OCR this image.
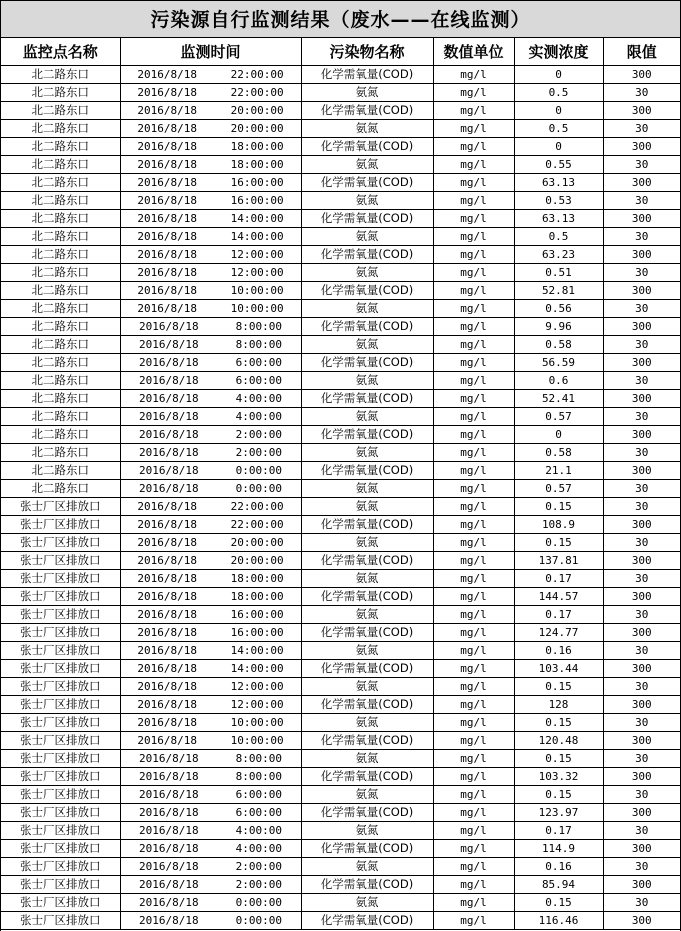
污染源自行监测结果（废水——在线监测）
监控点名称	监测时间	污染物名称	数值单位	实测浓度	限值
北二路东口	2016/8/18 22:00:00	化学需氧量(COD)	mg/l	0	300
北二路东口	2016/8/18 22:00:00	氨氮	mg/l	0.5	30
北二路东口	2016/8/18 20:00:00	化学需氧量(COD)	mg/l	0	300
北二路东口	2016/8/18 20:00:00	氨氮	mg/l	0.5	30
北二路东口	2016/8/18 18:00:00	化学需氧量(COD)	mg/l	0	300
北二路东口	2016/8/18 18:00:00	氨氮	mg/l	0.55	30
北二路东口	2016/8/18 16:00:00	化学需氧量(COD)	mg/l	63.13	300
北二路东口	2016/8/18 16:00:00	氨氮	mg/l	0.53	30
北二路东口	2016/8/18 14:00:00	化学需氧量(COD)	mg/l	63.13	300
北二路东口	2016/8/18 14:00:00	氨氮	mg/l	0.5	30
北二路东口	2016/8/18 12:00:00	化学需氧量(COD)	mg/l	63.23	300
北二路东口	2016/8/18 12:00:00	氨氮	mg/l	0.51	30
北二路东口	2016/8/18 10:00:00	化学需氧量(COD)	mg/l	52.81	300
北二路东口	2016/8/18 10:00:00	氨氮	mg/l	0.56	30
北二路东口	2016/8/18 8:00:00	化学需氧量(COD)	mg/l	9.96	300
北二路东口	2016/8/18 8:00:00	氨氮	mg/l	0.58	30
北二路东口	2016/8/18 6:00:00	化学需氧量(COD)	mg/l	56.59	300
北二路东口	2016/8/18 6:00:00	氨氮	mg/l	0.6	30
北二路东口	2016/8/18 4:00:00	化学需氧量(COD)	mg/l	52.41	300
北二路东口	2016/8/18 4:00:00	氨氮	mg/l	0.57	30
北二路东口	2016/8/18 2:00:00	化学需氧量(COD)	mg/l	0	300
北二路东口	2016/8/18 2:00:00	氨氮	mg/l	0.58	30
北二路东口	2016/8/18 0:00:00	化学需氧量(COD)	mg/l	21.1	300
北二路东口	2016/8/18 0:00:00	氨氮	mg/l	0.57	30
张士厂区排放口	2016/8/18 22:00:00	氨氮	mg/l	0.15	30
张士厂区排放口	2016/8/18 22:00:00	化学需氧量(COD)	mg/l	108.9	300
张士厂区排放口	2016/8/18 20:00:00	氨氮	mg/l	0.15	30
张士厂区排放口	2016/8/18 20:00:00	化学需氧量(COD)	mg/l	137.81	300
张士厂区排放口	2016/8/18 18:00:00	氨氮	mg/l	0.17	30
张士厂区排放口	2016/8/18 18:00:00	化学需氧量(COD)	mg/l	144.57	300
张士厂区排放口	2016/8/18 16:00:00	氨氮	mg/l	0.17	30
张士厂区排放口	2016/8/18 16:00:00	化学需氧量(COD)	mg/l	124.77	300
张士厂区排放口	2016/8/18 14:00:00	氨氮	mg/l	0.16	30
张士厂区排放口	2016/8/18 14:00:00	化学需氧量(COD)	mg/l	103.44	300
张士厂区排放口	2016/8/18 12:00:00	氨氮	mg/l	0.15	30
张士厂区排放口	2016/8/18 12:00:00	化学需氧量(COD)	mg/l	128	300
张士厂区排放口	2016/8/18 10:00:00	氨氮	mg/l	0.15	30
张士厂区排放口	2016/8/18 10:00:00	化学需氧量(COD)	mg/l	120.48	300
张士厂区排放口	2016/8/18 8:00:00	氨氮	mg/l	0.15	30
张士厂区排放口	2016/8/18 8:00:00	化学需氧量(COD)	mg/l	103.32	300
张士厂区排放口	2016/8/18 6:00:00	氨氮	mg/l	0.15	30
张士厂区排放口	2016/8/18 6:00:00	化学需氧量(COD)	mg/l	123.97	300
张士厂区排放口	2016/8/18 4:00:00	氨氮	mg/l	0.17	30
张士厂区排放口	2016/8/18 4:00:00	化学需氧量(COD)	mg/l	114.9	300
张士厂区排放口	2016/8/18 2:00:00	氨氮	mg/l	0.16	30
张士厂区排放口	2016/8/18 2:00:00	化学需氧量(COD)	mg/l	85.94	300
张士厂区排放口	2016/8/18 0:00:00	氨氮	mg/l	0.15	30
张士厂区排放口	2016/8/18 0:00:00	化学需氧量(COD)	mg/l	116.46	300
